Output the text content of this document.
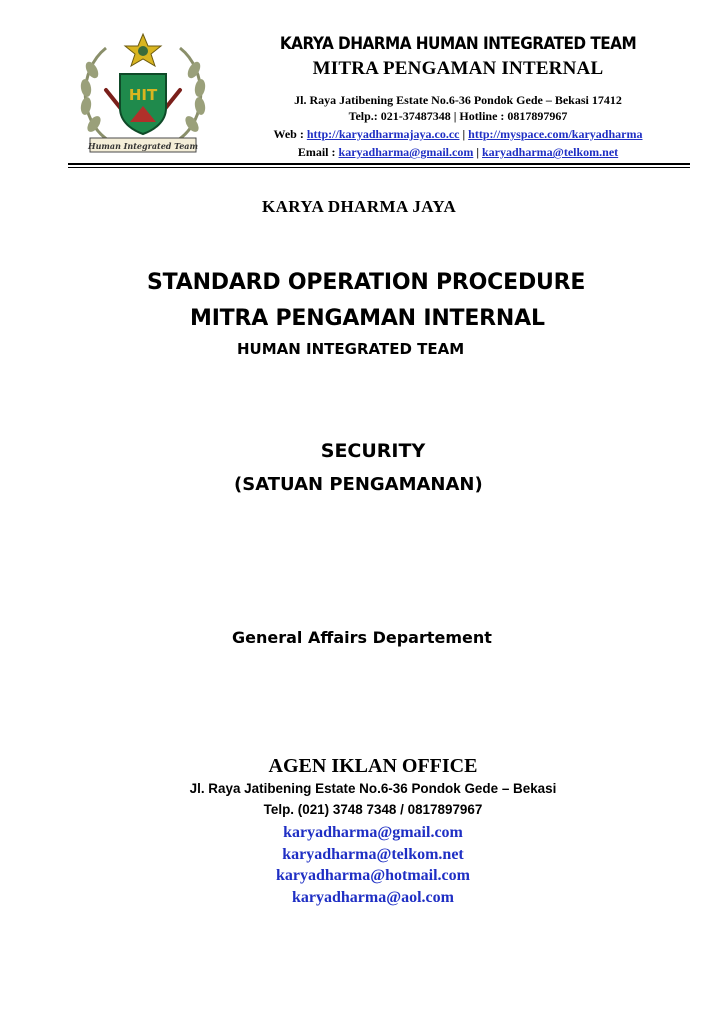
HIT
Human Integrated Team
KARYA DHARMA HUMAN INTEGRATED TEAM
MITRA PENGAMAN INTERNAL
Jl. Raya Jatibening Estate No.6-36 Pondok Gede – Bekasi 17412
Telp.: 021-37487348 | Hotline : 0817897967
Web : http://karyadharmajaya.co.cc | http://myspace.com/karyadharma
Email : karyadharma@gmail.com | karyadharma@telkom.net
KARYA DHARMA JAYA
STANDARD OPERATION PROCEDURE
MITRA PENGAMAN INTERNAL
HUMAN INTEGRATED TEAM
SECURITY
(SATUAN PENGAMANAN)
General Affairs Departement
AGEN IKLAN OFFICE
Jl. Raya Jatibening Estate No.6-36 Pondok Gede – Bekasi
Telp. (021) 3748 7348 / 0817897967
karyadharma@gmail.com
karyadharma@telkom.net
karyadharma@hotmail.com
karyadharma@aol.com
